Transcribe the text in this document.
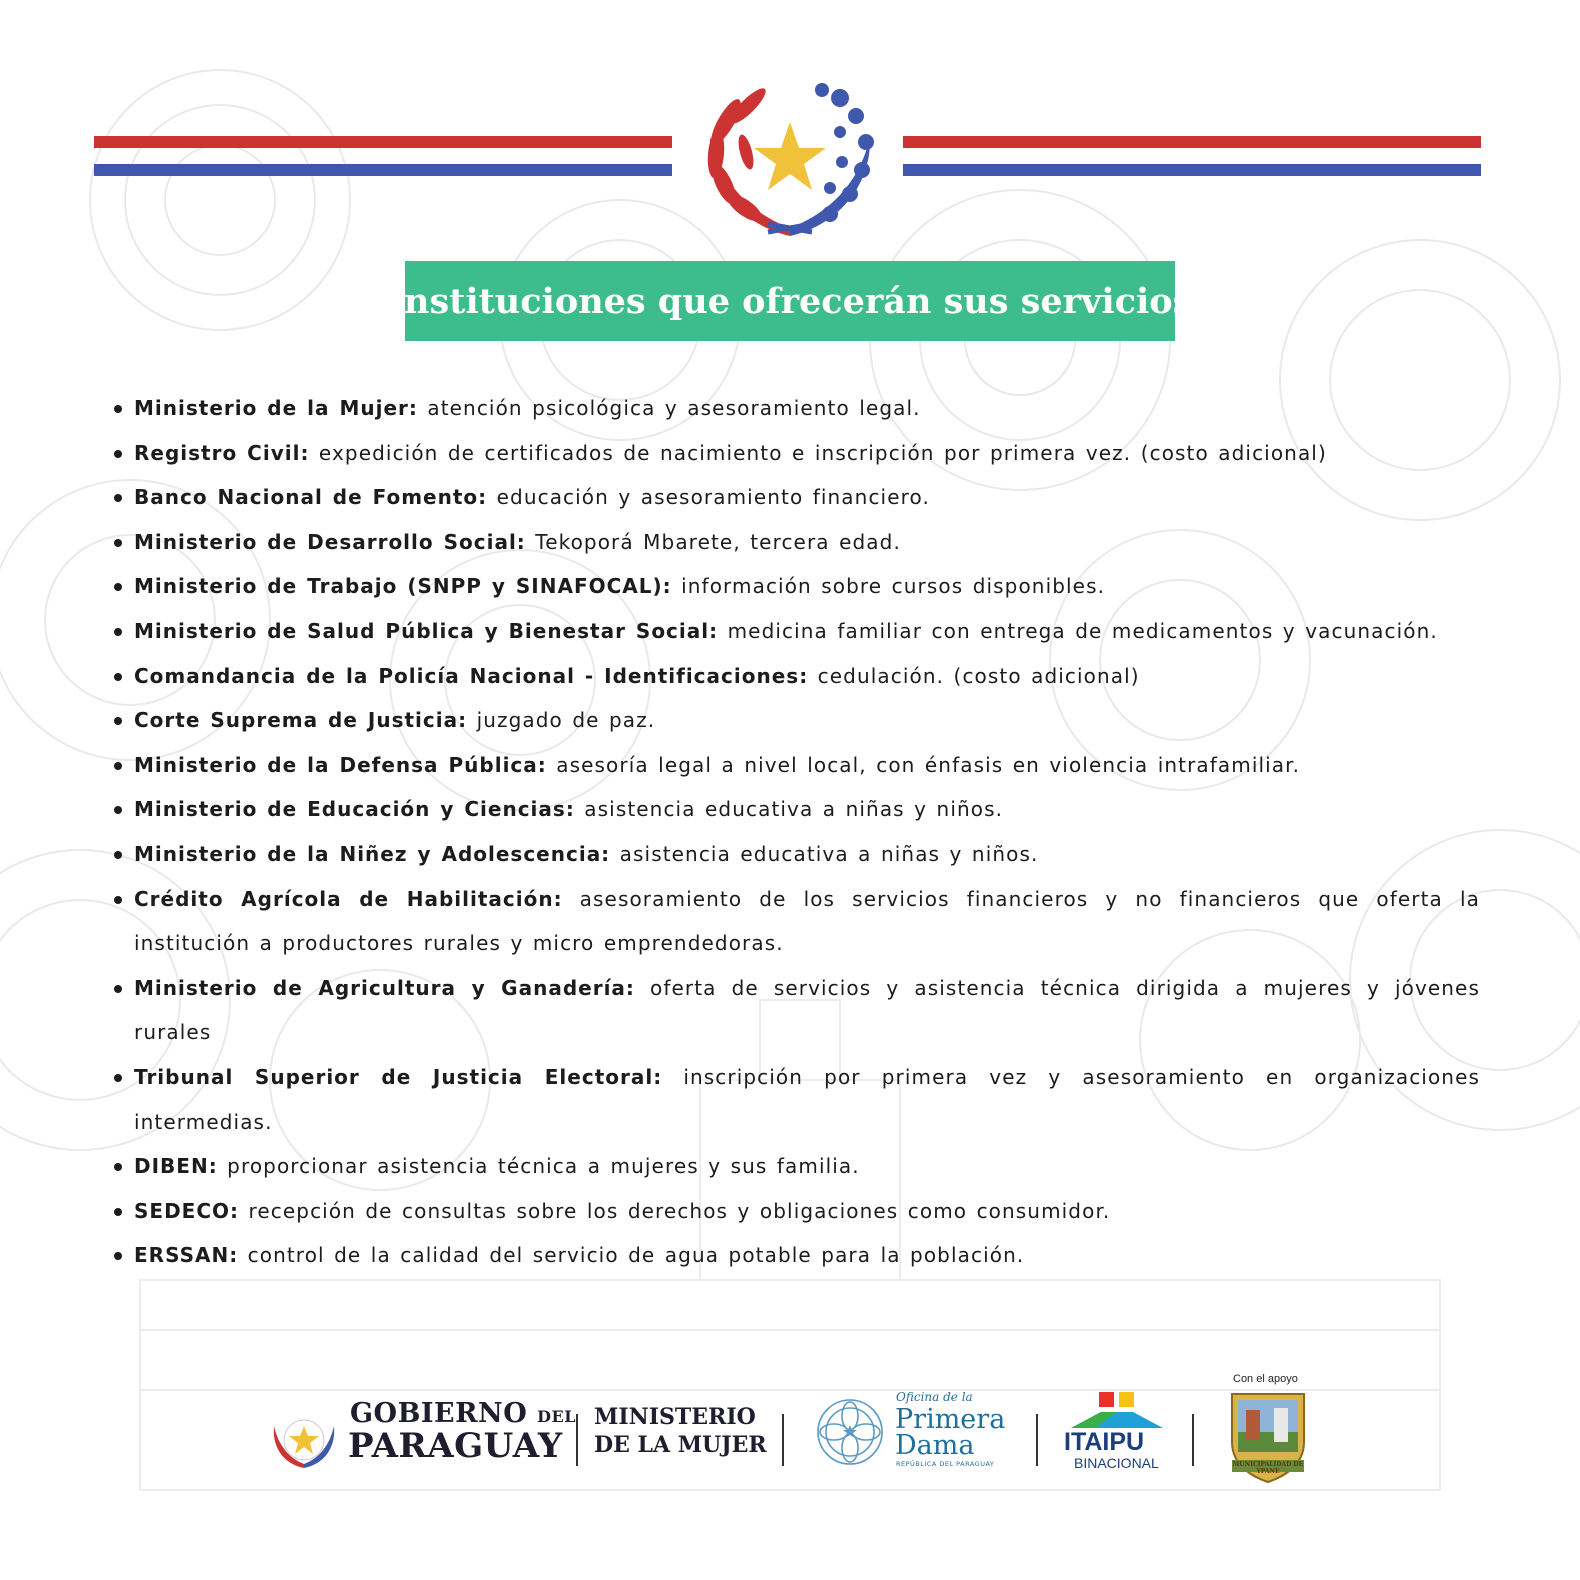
Instituciones que ofrecerán sus servicios
Ministerio de la Mujer: atención psicológica y asesoramiento legal.
Registro Civil: expedición de certificados de nacimiento e inscripción por primera vez. (costo adicional)
Banco Nacional de Fomento: educación y asesoramiento financiero.
Ministerio de Desarrollo Social: Tekoporá Mbarete, tercera edad.
Ministerio de Trabajo (SNPP y SINAFOCAL): información sobre cursos disponibles.
Ministerio de Salud Pública y Bienestar Social: medicina familiar con entrega de medicamentos y vacunación.
Comandancia de la Policía Nacional - Identificaciones: cedulación. (costo adicional)
Corte Suprema de Justicia: juzgado de paz.
Ministerio de la Defensa Pública: asesoría legal a nivel local, con énfasis en violencia intrafamiliar.
Ministerio de Educación y Ciencias: asistencia educativa a niñas y niños.
Ministerio de la Niñez y Adolescencia: asistencia educativa a niñas y niños.
Crédito Agrícola de Habilitación: asesoramiento de los servicios financieros y no financieros que oferta la institución a productores rurales y micro emprendedoras.
Ministerio de Agricultura y Ganadería: oferta de servicios y asistencia técnica dirigida a mujeres y jóvenes rurales
Tribunal Superior de Justicia Electoral: inscripción por primera vez y asesoramiento en organizaciones intermedias.
DIBEN: proporcionar asistencia técnica a mujeres y sus familia.
SEDECO: recepción de consultas sobre los derechos y obligaciones como consumidor.
ERSSAN: control de la calidad del servicio de agua potable para la población.
GOBIERNO DEL
PARAGUAY
MINISTERIO
DE LA MUJER
Oficina de la
Primera
Dama
REPÚBLICA DEL PARAGUAY
ITAIPU
BINACIONAL
Con el apoyo
MUNICIPALIDAD DE YPANE
